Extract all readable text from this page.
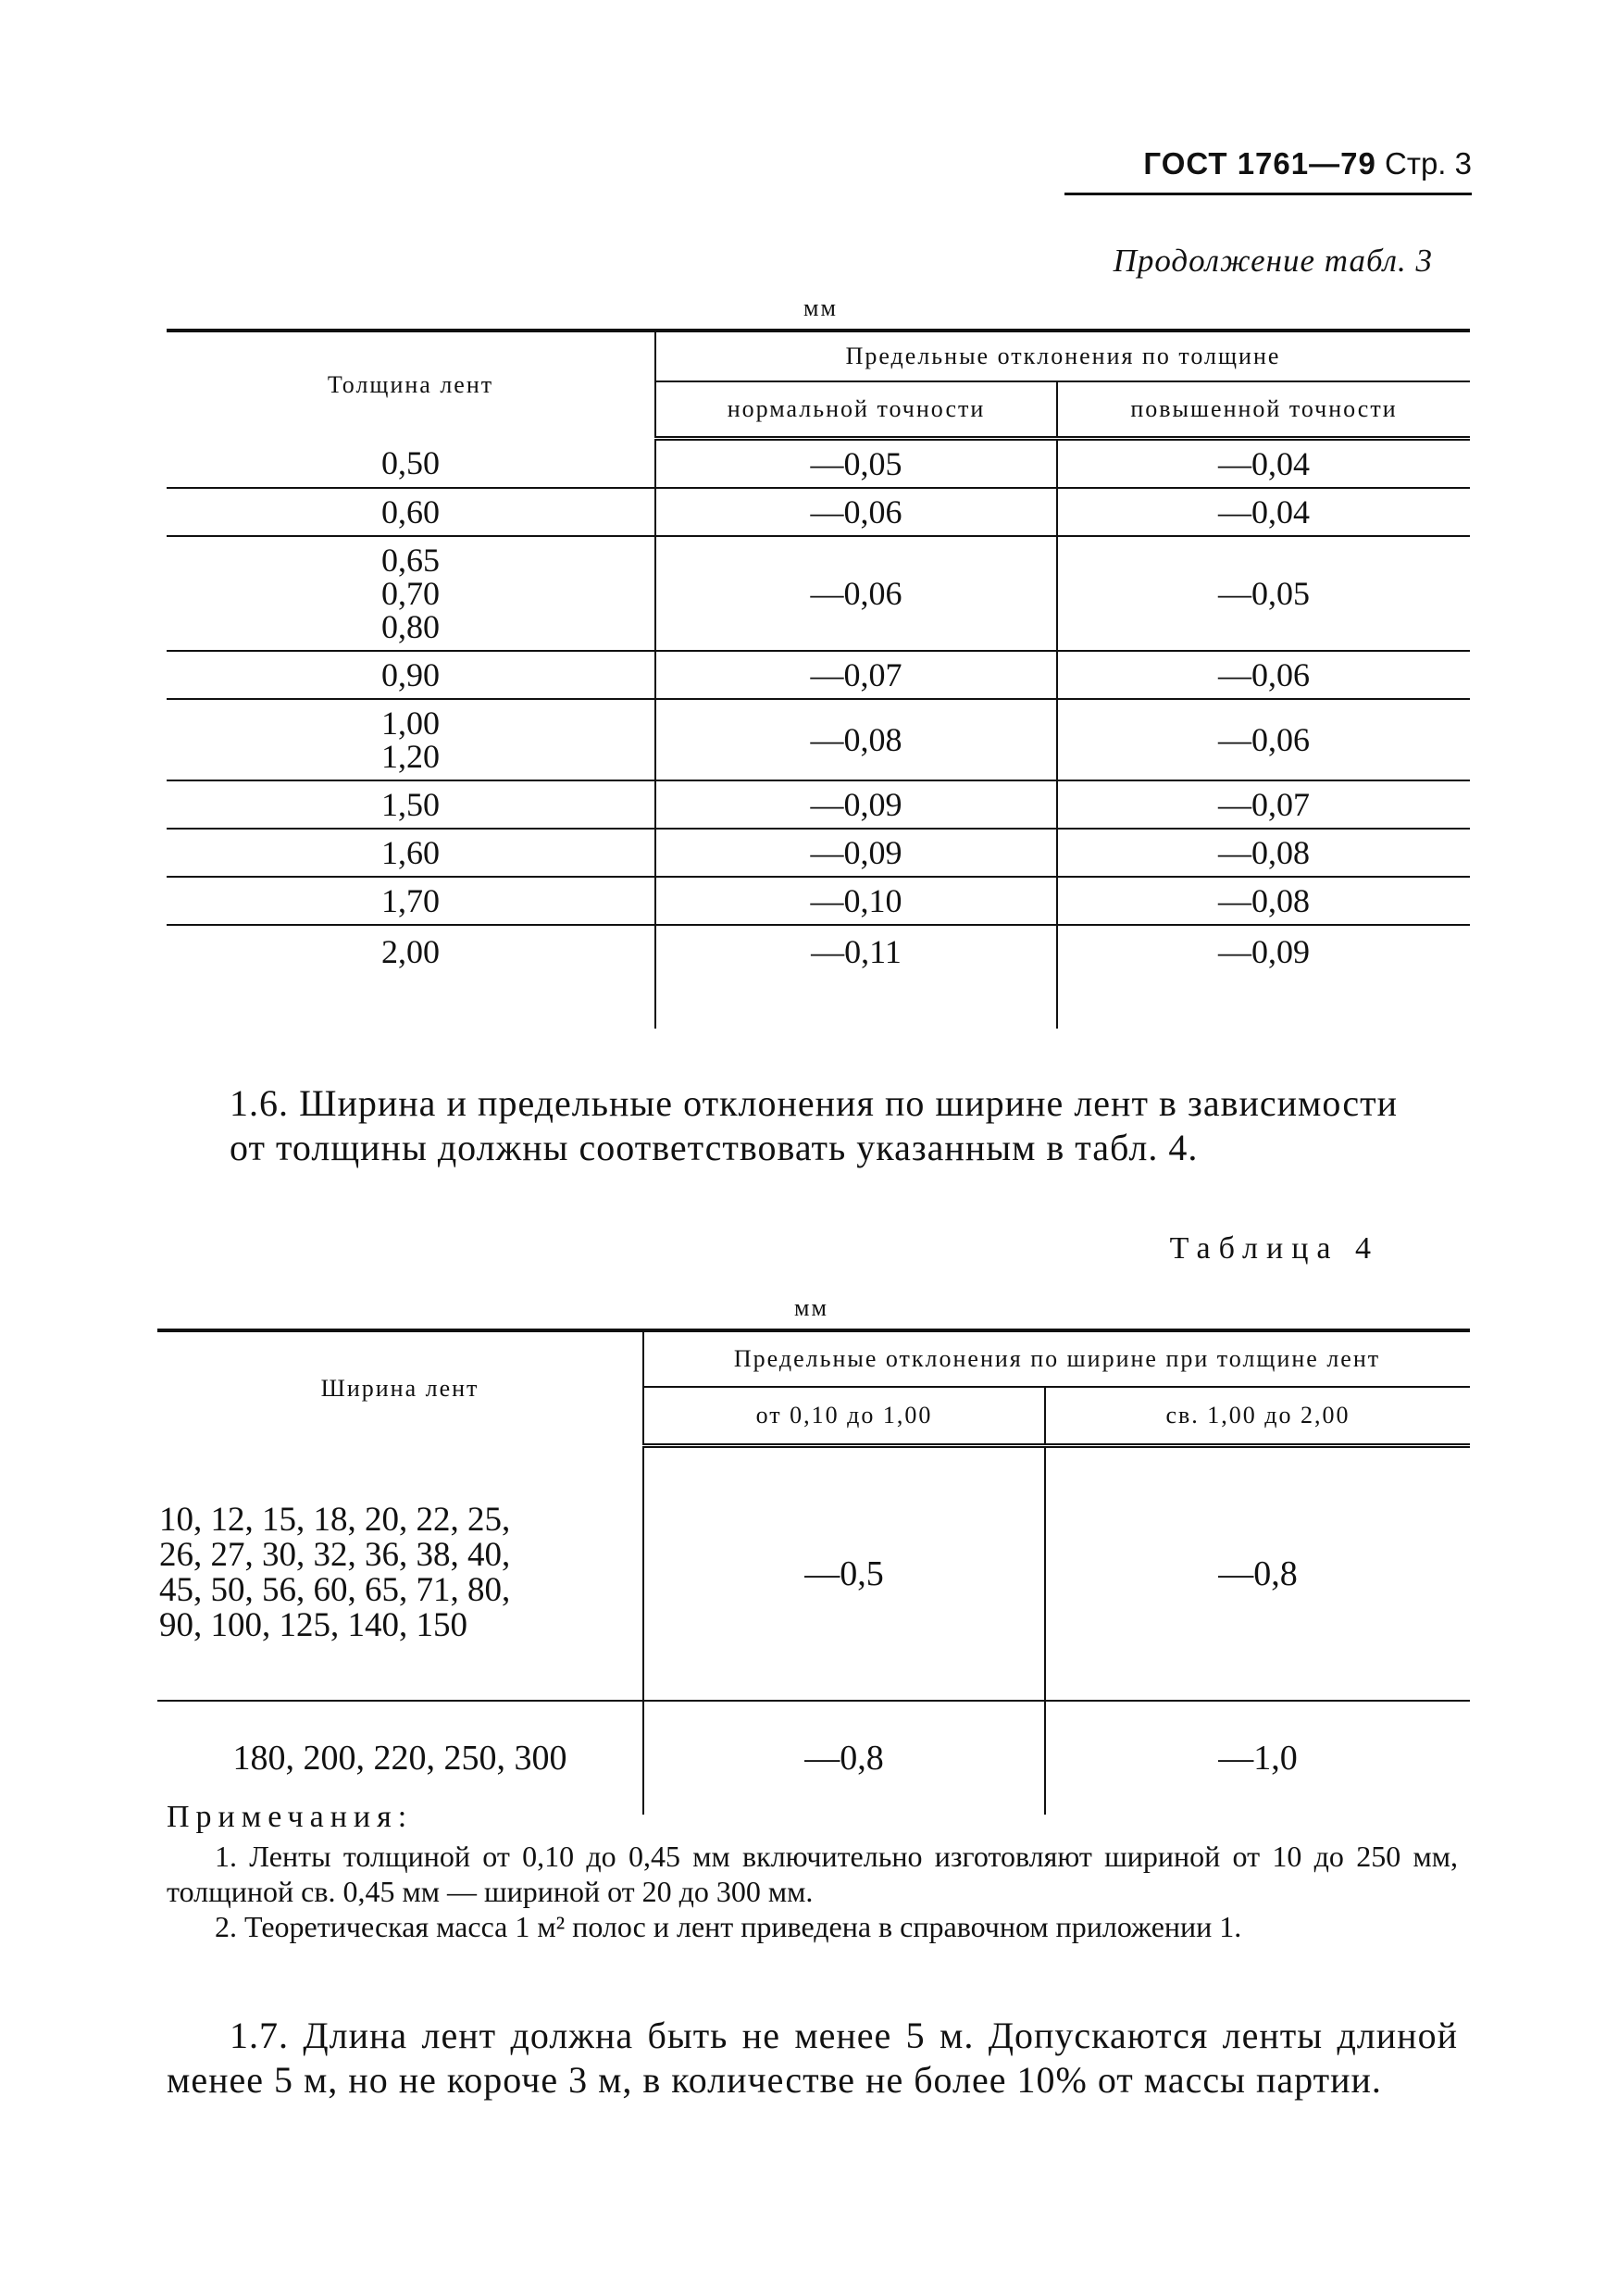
ГОСТ 1761—79 Стр. 3
Продолжение табл. 3
мм
Толщина лент	Предельные отклонения по толщине	
	нормальной точности	повышенной точности
0,50	—0,05	—0,04
0,60	—0,06	—0,04

0,65
0,70
0,80	—0,06	—0,05
0,90	—0,07	—0,06

1,00
1,20	—0,08	—0,06
1,50	—0,09	—0,07
1,60	—0,09	—0,08
1,70	—0,10	—0,08
2,00	—0,11	—0,09
1.6. Ширина и предельные отклонения по ширине лент в зависимости от толщины должны соответствовать указанным в табл. 4.
Таблица 4
мм
Ширина лент	Предельные отклонения по ширине при толщине лент	
	от 0,10 до 1,00	св. 1,00 до 2,00

10, 12, 15, 18, 20, 22, 25,
26, 27, 30, 32, 36, 38, 40,
45, 50, 56, 60, 65, 71, 80,
90, 100, 125, 140, 150	—0,5	—0,8
180, 200, 220, 250, 300	—0,8	—1,0
Примечания:

1. Ленты толщиной от 0,10 до 0,45 мм включительно изготовляют шириной от 10 до 250 мм, толщиной св. 0,45 мм — шириной от 20 до 300 мм.

2. Теоретическая масса 1 м² полос и лент приведена в справочном приложении 1.

1.7. Длина лент должна быть не менее 5 м. Допускаются ленты длиной менее 5 м, но не короче 3 м, в количестве не более 10% от массы партии.
